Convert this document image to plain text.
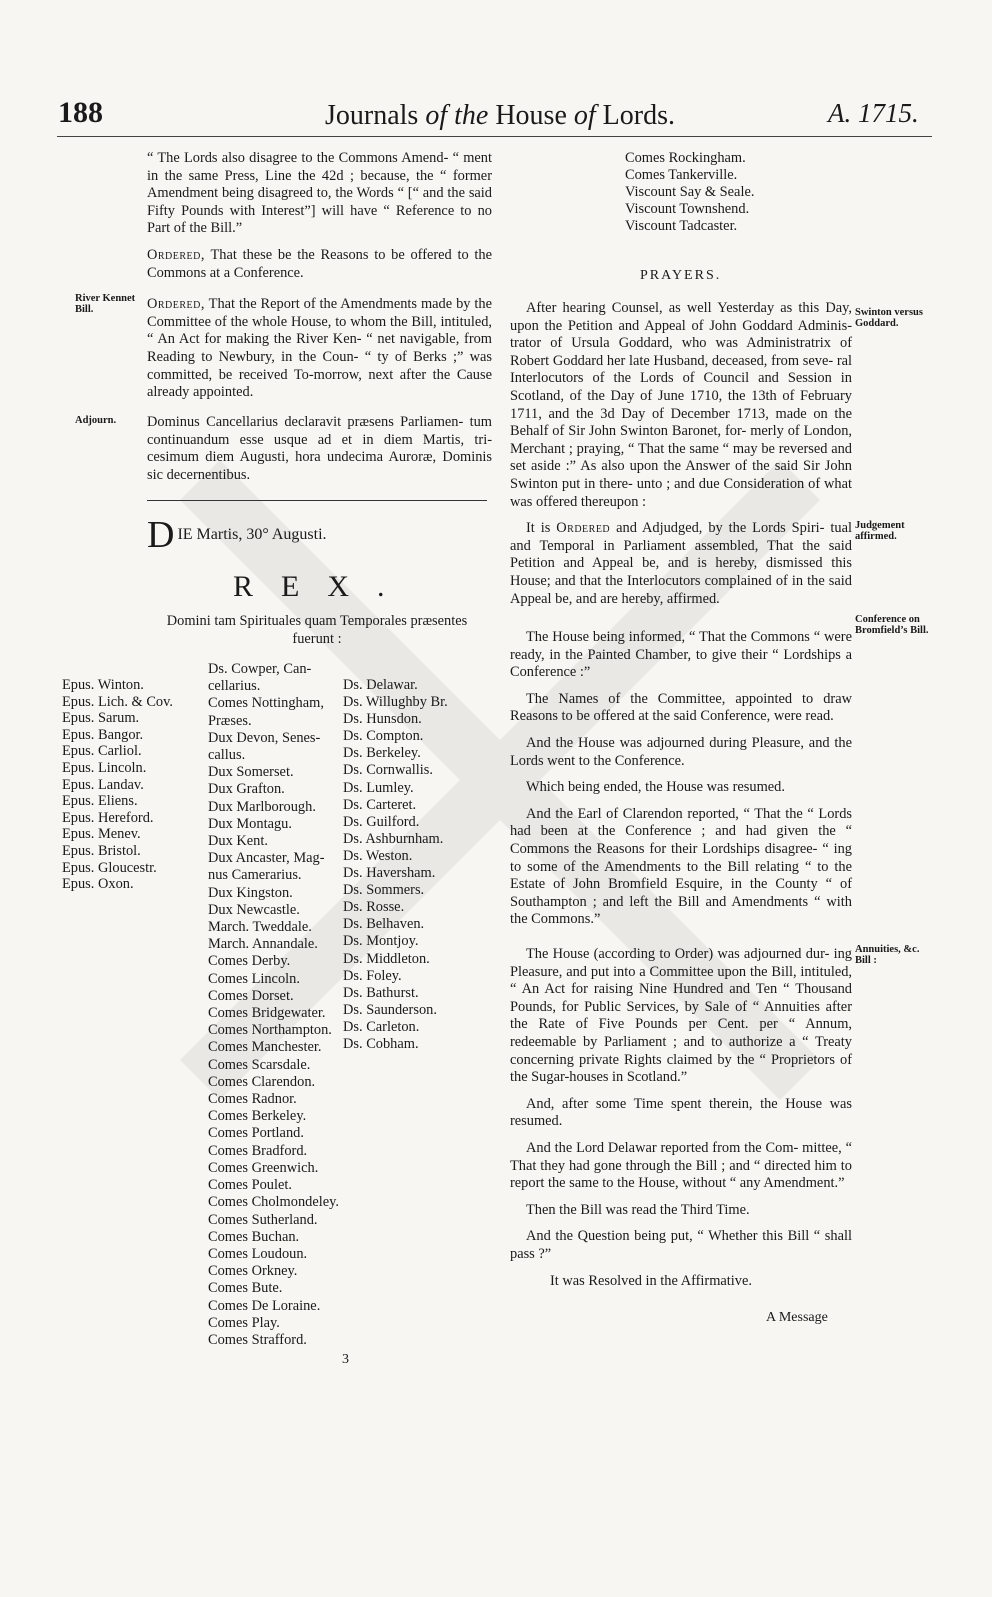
188	Journals of the House of Lords.	A. 1715.

“ The Lords also disagree to the Commons Amend- “ ment in the same Press, Line the 42d ; because, the “ former Amendment being disagreed to, the Words “ [“ and the said Fifty Pounds with Interest”] will have “ Reference to no Part of the Bill.”

Ordered, That these be the Reasons to be offered to the Commons at a Conference.

Ordered, That the Report of the Amendments made by the Committee of the whole House, to whom the Bill, intituled, “ An Act for making the River Ken- “ net navigable, from Reading to Newbury, in the Coun- “ ty of Berks ;” was committed, be received To-morrow, next after the Cause already appointed.

River Kennet Bill.
Adjourn. Dominus Cancellarius declaravit præsens Parliamen- tum continuandum esse usque ad et in diem Martis, tri- cesimum diem Augusti, hora undecima Auroræ, Dominis sic decernentibus.

DIE Martis, 30° Augusti.
REX.
Domini tam Spirituales quam Temporales præsentes fuerunt :
Epus. Winton.
Epus. Lich. & Cov.
Epus. Sarum.
Epus. Bangor.
Epus. Carliol.
Epus. Lincoln.
Epus. Landav.
Epus. Eliens.
Epus. Hereford.
Epus. Menev.
Epus. Bristol.
Epus. Gloucestr.
Epus. Oxon.
Ds. Cowper, Can-
cellarius.
Comes Nottingham,
Præses.
Dux Devon, Senes-
callus.
Dux Somerset.
Dux Grafton.
Dux Marlborough.
Dux Montagu.
Dux Kent.
Dux Ancaster, Mag-
nus Camerarius.
Dux Kingston.
Dux Newcastle.
March. Tweddale.
March. Annandale.
Comes Derby.
Comes Lincoln.
Comes Dorset.
Comes Bridgewater.
Comes Northampton.
Comes Manchester.
Comes Scarsdale.
Comes Clarendon.
Comes Radnor.
Comes Berkeley.
Comes Portland.
Comes Bradford.
Comes Greenwich.
Comes Poulet.
Comes Cholmondeley.
Comes Sutherland.
Comes Buchan.
Comes Loudoun.
Comes Orkney.
Comes Bute.
Comes De Loraine.
Comes Play.
Comes Strafford.
Ds. Delawar.
Ds. Willughby Br.
Ds. Hunsdon.
Ds. Compton.
Ds. Berkeley.
Ds. Cornwallis.
Ds. Lumley.
Ds. Carteret.
Ds. Guilford.
Ds. Ashburnham.
Ds. Weston.
Ds. Haversham.
Ds. Sommers.
Ds. Rosse.
Ds. Belhaven.
Ds. Montjoy.
Ds. Middleton.
Ds. Foley.
Ds. Bathurst.
Ds. Saunderson.
Ds. Carleton.
Ds. Cobham.
Comes Rockingham.
Comes Tankerville.
Viscount Say & Seale.
Viscount Townshend.
Viscount Tadcaster.
PRAYERS.

After hearing Counsel, as well Yesterday as this Day, upon the Petition and Appeal of John Goddard Adminis- trator of Ursula Goddard, who was Administratrix of Robert Goddard her late Husband, deceased, from seve- ral Interlocutors of the Lords of Council and Session in Scotland, of the Day of June 1710, the 13th of February 1711, and the 3d Day of December 1713, made on the Behalf of Sir John Swinton Baronet, for- merly of London, Merchant ; praying, “ That the same “ may be reversed and set aside :” As also upon the Answer of the said Sir John Swinton put in there- unto ; and due Consideration of what was offered thereupon :

It is Ordered and Adjudged, by the Lords Spiri- tual and Temporal in Parliament assembled, That the said Petition and Appeal be, and is hereby, dismissed this House; and that the Interlocutors complained of in the said Appeal be, and are hereby, affirmed.

The House being informed, “ That the Commons “ were ready, in the Painted Chamber, to give their “ Lordships a Conference :”

The Names of the Committee, appointed to draw Reasons to be offered at the said Conference, were read.

And the House was adjourned during Pleasure, and the Lords went to the Conference.

Which being ended, the House was resumed.

And the Earl of Clarendon reported, “ That the “ Lords had been at the Conference ; and had given the “ Commons the Reasons for their Lordships disagree- “ ing to some of the Amendments to the Bill relating “ to the Estate of John Bromfield Esquire, in the County “ of Southampton ; and left the Bill and Amendments “ with the Commons.”

The House (according to Order) was adjourned dur- ing Pleasure, and put into a Committee upon the Bill, intituled, “ An Act for raising Nine Hundred and Ten “ Thousand Pounds, for Public Services, by Sale of “ Annuities after the Rate of Five Pounds per Cent. per “ Annum, redeemable by Parliament ; and to authorize a “ Treaty concerning private Rights claimed by the “ Proprietors of the Sugar-houses in Scotland.”

And, after some Time spent therein, the House was resumed.

And the Lord Delawar reported from the Com- mittee, “ That they had gone through the Bill ; and “ directed him to report the same to the House, without “ any Amendment.”

Then the Bill was read the Third Time.

And the Question being put, “ Whether this Bill “ shall pass ?”

It was Resolved in the Affirmative.

Swinton versus Goddard.
Judgement affirmed.
Conference on Bromfield’s Bill.
Annuities, &c. Bill :
A Message
3
